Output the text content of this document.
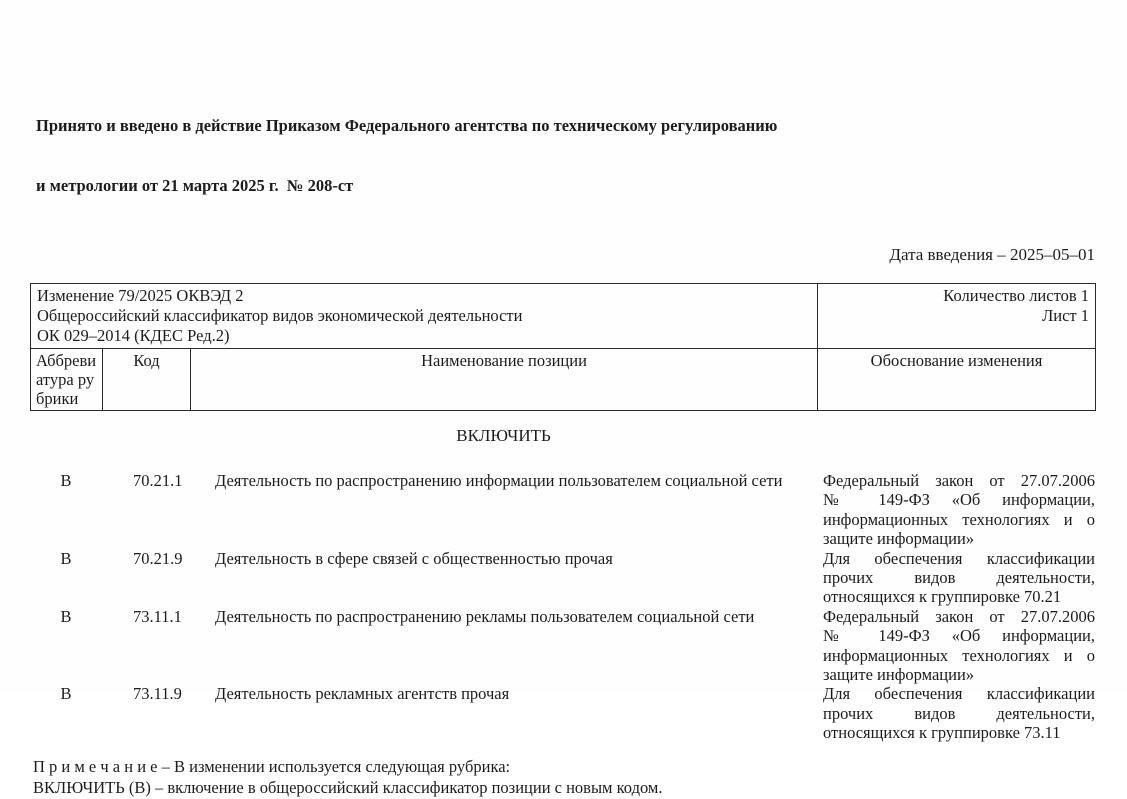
Принято и введено в действие Приказом Федерального агентства по техническому регулированию

и метрологии от 21 марта 2025 г.  № 208-ст

Дата введения – 2025–05–01
Изменение 79/2025 ОКВЭД 2
Общероссийский классификатор видов экономической деятельности
ОК 029–2014 (КДЕС Ред.2)

Количество листов 1
Лист 1

Аббревиатура рубрики	Код	Наименование позиции	Обоснование изменения
ВКЛЮЧИТЬ
В	70.21.1	Деятельность по распространению информации пользователем социальной сети	Федеральный закон от 27.07.2006
№ 149-ФЗ «Об информации,
информационных технологиях и о
защите информации»
В	70.21.9	Деятельность в сфере связей с общественностью прочая	Для обеспечения классификации
прочих видов деятельности,
относящихся к группировке 70.21
В	73.11.1	Деятельность по распространению рекламы пользователем социальной сети	Федеральный закон от 27.07.2006
№ 149-ФЗ «Об информации,
информационных технологиях и о
защите информации»
В	73.11.9	Деятельность рекламных агентств прочая	Для обеспечения классификации
прочих видов деятельности,
относящихся к группировке 73.11
П р и м е ч а н и е – В изменении используется следующая рубрика:
ВКЛЮЧИТЬ (В) – включение в общероссийский классификатор позиции с новым кодом.
